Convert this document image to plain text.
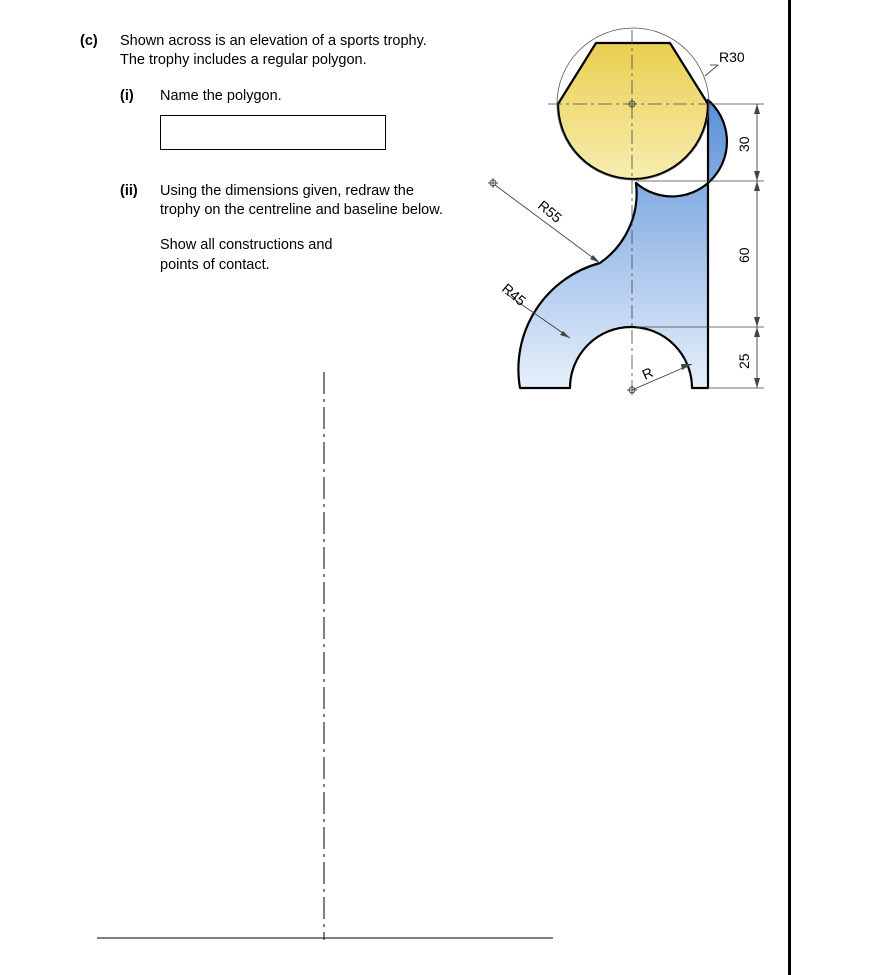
(c) Shown across is an elevation of a sports trophy.
The trophy includes a regular polygon.
(i) Name the polygon.
(ii) Using the dimensions given, redraw the
trophy on the centreline and baseline below.
Show all constructions and
points of contact.
R30
R55
R45
R
30
60
25
